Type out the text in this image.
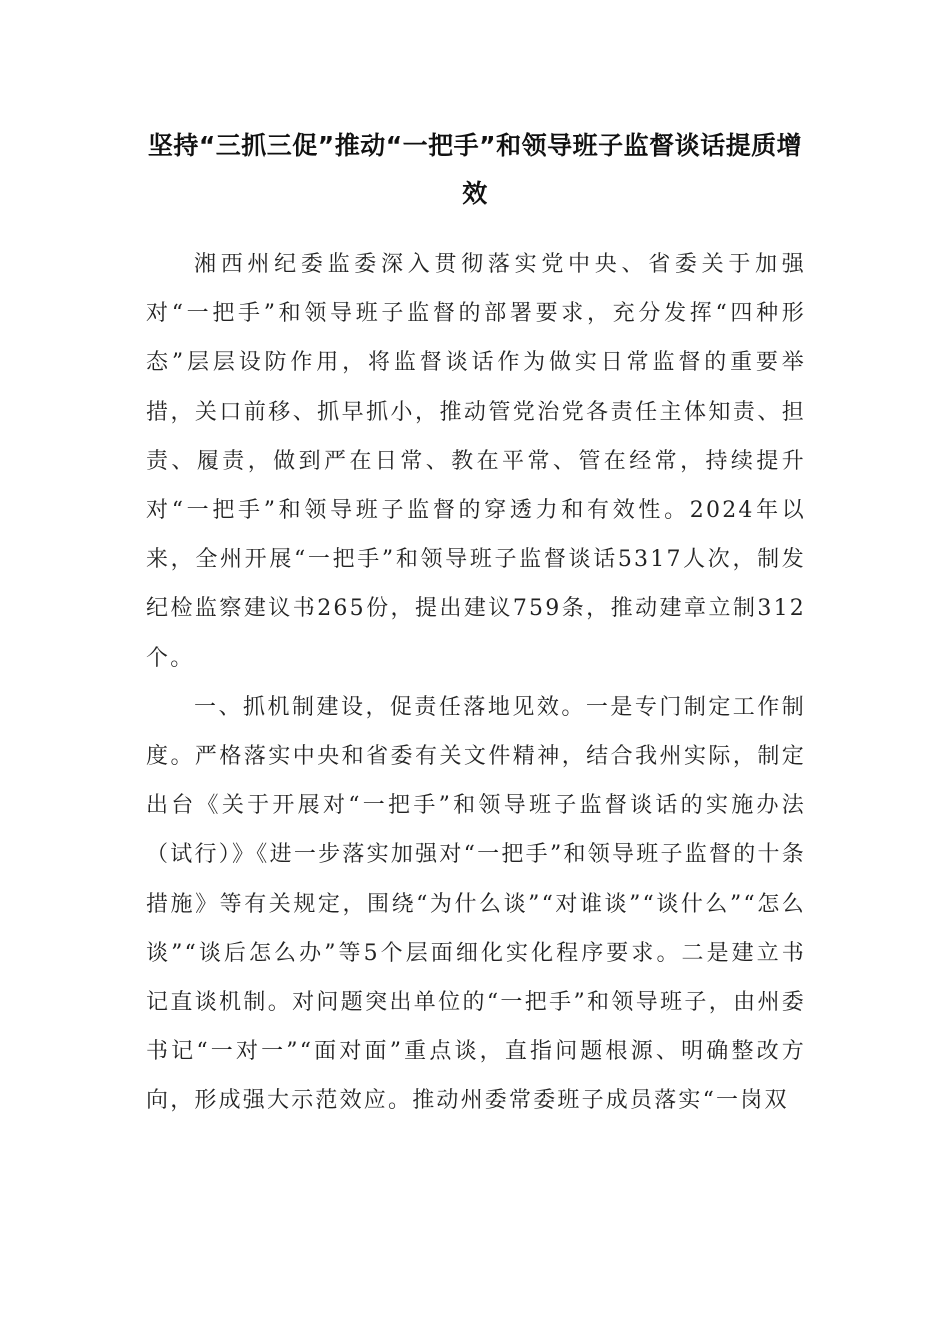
坚持“三抓三促”推动“一把手”和领导班子监督谈话提质增效

湘西州纪委监委深入贯彻落实党中央、省委关于加强对“一把手”和领导班子监督的部署要求，充分发挥“四种形态”层层设防作用，将监督谈话作为做实日常监督的重要举措，关口前移、抓早抓小，推动管党治党各责任主体知责、担责、履责，做到严在日常、教在平常、管在经常，持续提升对“一把手”和领导班子监督的穿透力和有效性。2024年以来，全州开展“一把手”和领导班子监督谈话5317人次，制发纪检监察建议书265份，提出建议759条，推动建章立制312个。

一、抓机制建设，促责任落地见效。一是专门制定工作制度。严格落实中央和省委有关文件精神，结合我州实际，制定出台《关于开展对“一把手”和领导班子监督谈话的实施办法（试行）》《进一步落实加强对“一把手”和领导班子监督的十条措施》等有关规定，围绕“为什么谈”“对谁谈”“谈什么”“怎么谈”“谈后怎么办”等5个层面细化实化程序要求。二是建立书记直谈机制。对问题突出单位的“一把手”和领导班子，由州委书记“一对一”“面对面”重点谈，直指问题根源、明确整改方向，形成强大示范效应。推动州委常委班子成员落实“一岗双
